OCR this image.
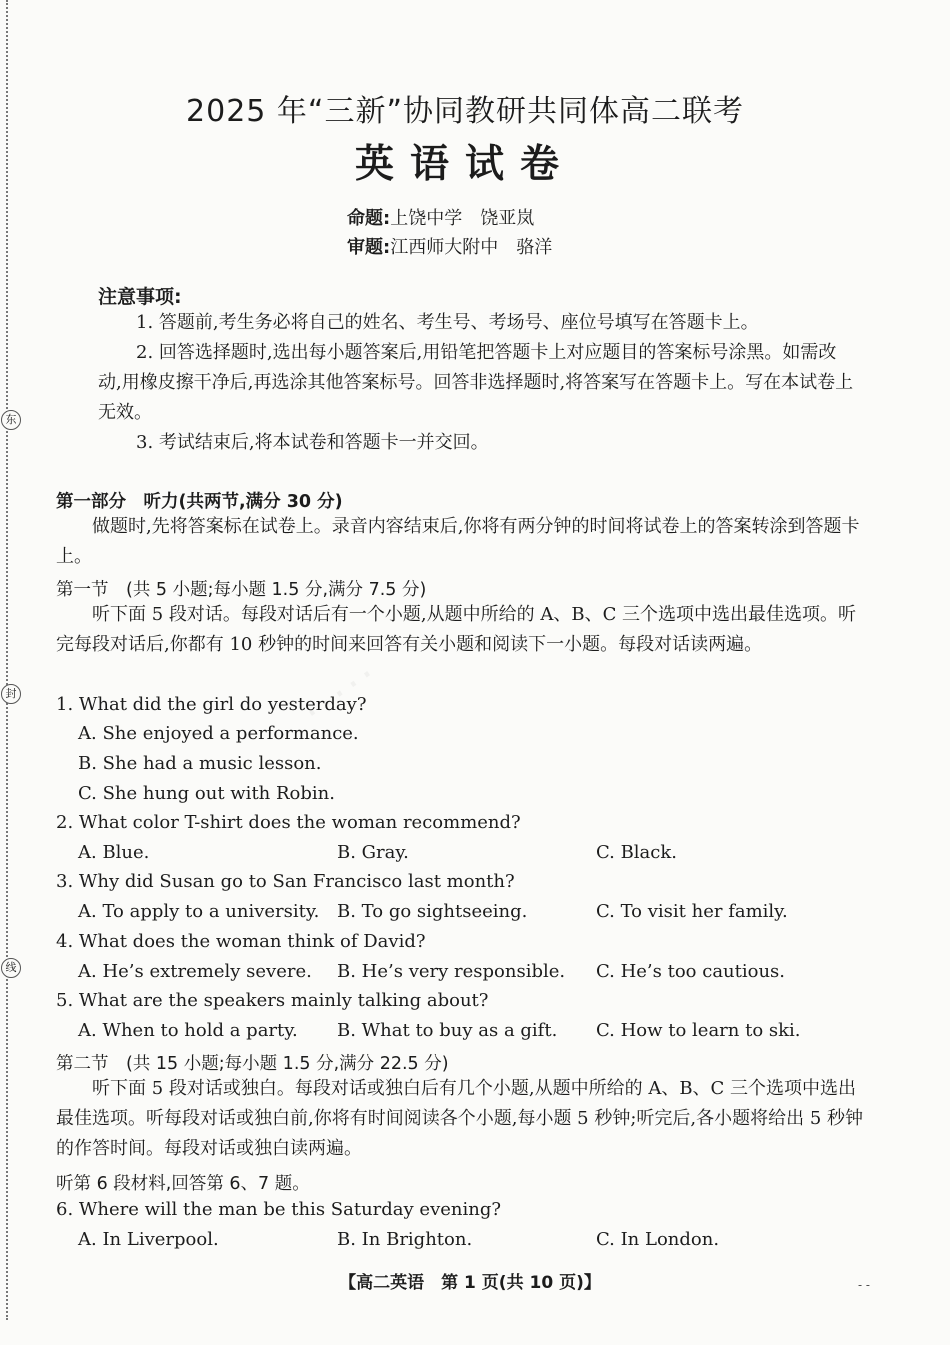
东
封
线
2025 年“三新”协同教研共同体高二联考
英语试卷
命题:上饶中学　饶亚岚
审题:江西师大附中　骆洋
注意事项:
1. 答题前,考生务必将自己的姓名、考生号、考场号、座位号填写在答题卡上。
2. 回答选择题时,选出每小题答案后,用铅笔把答题卡上对应题目的答案标号涂黑。如需改动,用橡皮擦干净后,再选涂其他答案标号。回答非选择题时,将答案写在答题卡上。写在本试卷上无效。
3. 考试结束后,将本试卷和答题卡一并交回。
第一部分　听力(共两节,满分 30 分)
做题时,先将答案标在试卷上。录音内容结束后,你将有两分钟的时间将试卷上的答案转涂到答题卡上。
第一节　(共 5 小题;每小题 1.5 分,满分 7.5 分)
听下面 5 段对话。每段对话后有一个小题,从题中所给的 A、B、C 三个选项中选出最佳选项。听完每段对话后,你都有 10 秒钟的时间来回答有关小题和阅读下一小题。每段对话读两遍。
1. What did the girl do yesterday?
A. She enjoyed a performance.
B. She had a music lesson.
C. She hung out with Robin.
2. What color T-shirt does the woman recommend?
A. Blue.	B. Gray.	C. Black.
3. Why did Susan go to San Francisco last month?
A. To apply to a university. B. To go sightseeing.	C. To visit her family.
4. What does the woman think of David?
A. He’s extremely severe. B. He’s very responsible. C. He’s too cautious.
5. What are the speakers mainly talking about?
A. When to hold a party. B. What to buy as a gift. C. How to learn to ski.
第二节　(共 15 小题;每小题 1.5 分,满分 22.5 分)
听下面 5 段对话或独白。每段对话或独白后有几个小题,从题中所给的 A、B、C 三个选项中选出最佳选项。听每段对话或独白前,你将有时间阅读各个小题,每小题 5 秒钟;听完后,各小题将给出 5 秒钟的作答时间。每段对话或独白读两遍。
听第 6 段材料,回答第 6、7 题。
6. Where will the man be this Saturday evening?
A. In Liverpool.	B. In Brighton.	C. In London.
【高二英语　第 1 页(共 10 页)】	- -
